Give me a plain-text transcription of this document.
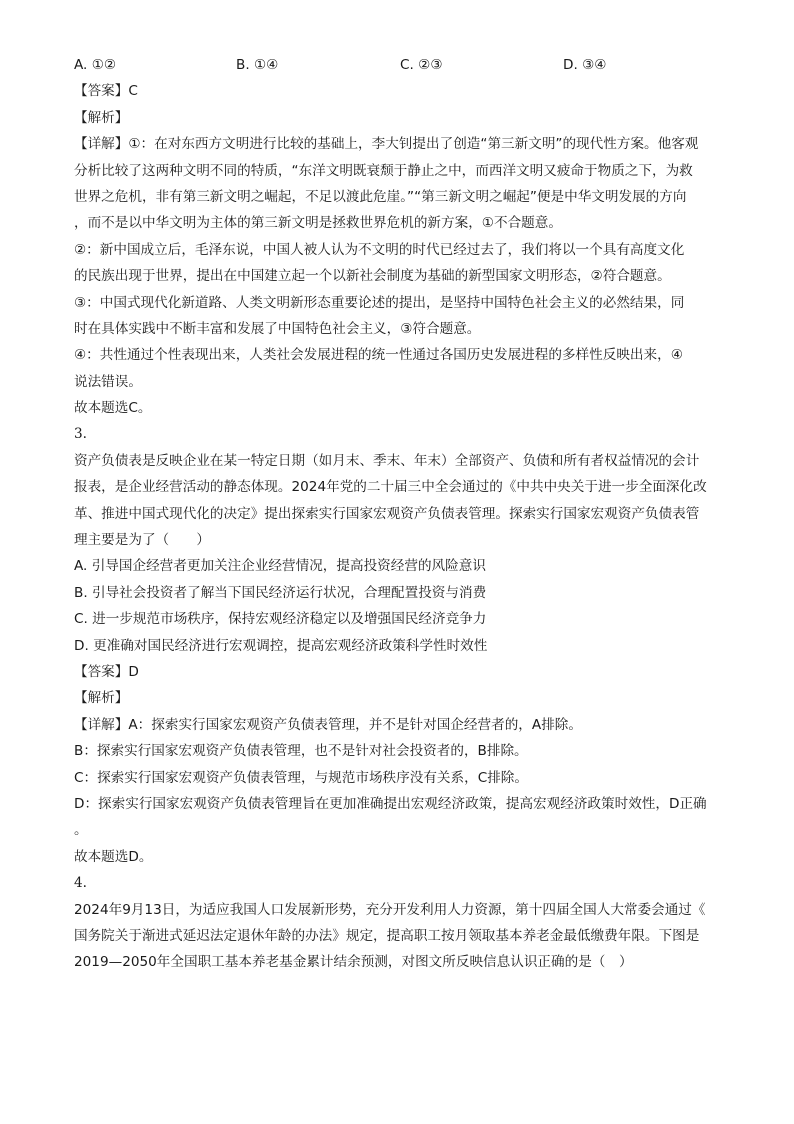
A. ①②	B. ①④	C. ②③	D. ③④
【答案】C
【解析】
【详解】①：在对东西方文明进行比较的基础上，李大钊提出了创造“第三新文明”的现代性方案。他客观
分析比较了这两种文明不同的特质，“东洋文明既衰颓于静止之中，而西洋文明又疲命于物质之下，为救
世界之危机，非有第三新文明之崛起，不足以渡此危崖。”“第三新文明之崛起”便是中华文明发展的方向
，而不是以中华文明为主体的第三新文明是拯救世界危机的新方案，①不合题意。
②：新中国成立后，毛泽东说，中国人被人认为不文明的时代已经过去了，我们将以一个具有高度文化
的民族出现于世界，提出在中国建立起一个以新社会制度为基础的新型国家文明形态，②符合题意。
③：中国式现代化新道路、人类文明新形态重要论述的提出，是坚持中国特色社会主义的必然结果，同
时在具体实践中不断丰富和发展了中国特色社会主义，③符合题意。
④：共性通过个性表现出来，人类社会发展进程的统一性通过各国历史发展进程的多样性反映出来，④
说法错误。
故本题选C。
3.
资产负债表是反映企业在某一特定日期（如月末、季末、年末）全部资产、负债和所有者权益情况的会计
报表，是企业经营活动的静态体现。2024年党的二十届三中全会通过的《中共中央关于进一步全面深化改
革、推进中国式现代化的决定》提出探索实行国家宏观资产负债表管理。探索实行国家宏观资产负债表管
理主要是为了（　　）
A. 引导国企经营者更加关注企业经营情况，提高投资经营的风险意识
B. 引导社会投资者了解当下国民经济运行状况，合理配置投资与消费
C. 进一步规范市场秩序，保持宏观经济稳定以及增强国民经济竞争力
D. 更准确对国民经济进行宏观调控，提高宏观经济政策科学性时效性
【答案】D
【解析】
【详解】A：探索实行国家宏观资产负债表管理，并不是针对国企经营者的，A排除。
B：探索实行国家宏观资产负债表管理，也不是针对社会投资者的，B排除。
C：探索实行国家宏观资产负债表管理，与规范市场秩序没有关系，C排除。
D：探索实行国家宏观资产负债表管理旨在更加准确提出宏观经济政策，提高宏观经济政策时效性，D正确
。
故本题选D。
4.
2024年9月13日，为适应我国人口发展新形势，充分开发利用人力资源，第十四届全国人大常委会通过《
国务院关于渐进式延迟法定退休年龄的办法》规定，提高职工按月领取基本养老金最低缴费年限。下图是
2019—2050年全国职工基本养老基金累计结余预测，对图文所反映信息认识正确的是（　）
